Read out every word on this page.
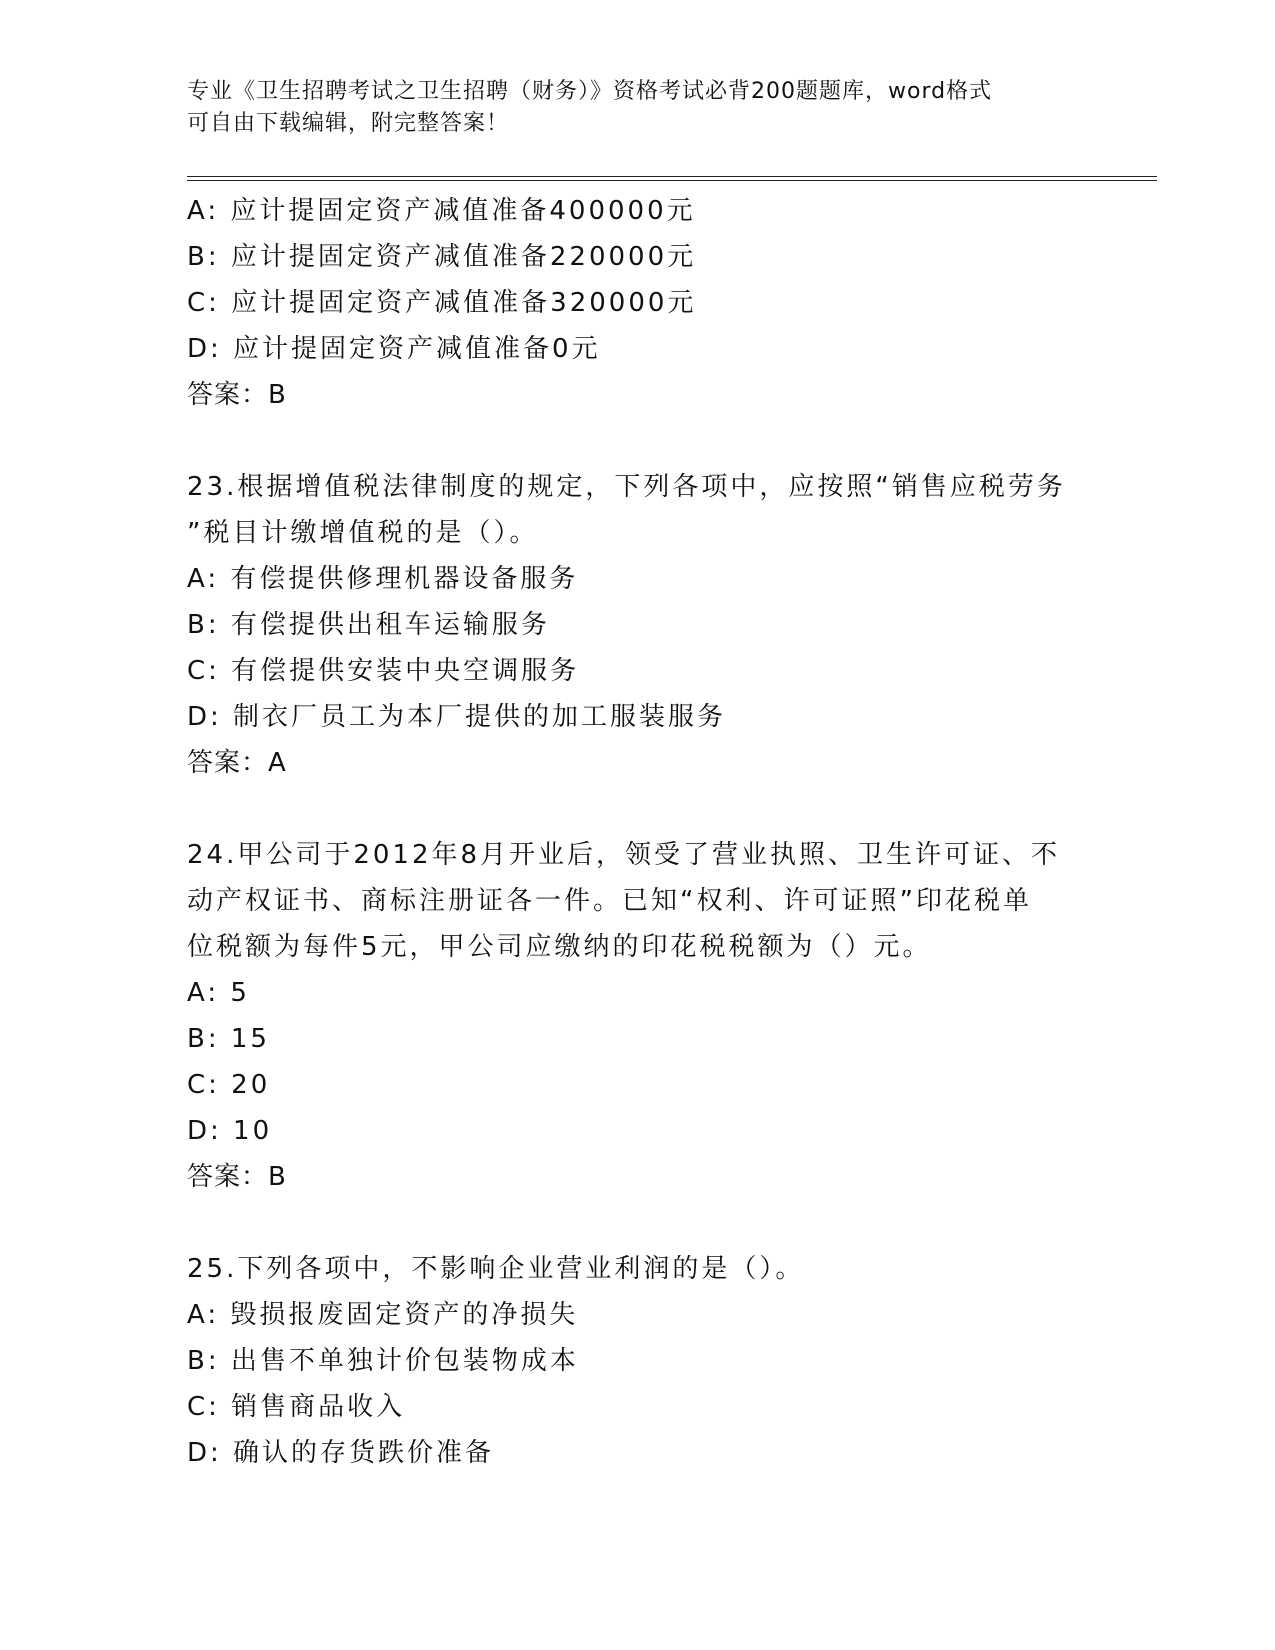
专业《卫生招聘考试之卫生招聘（财务）》资格考试必背200题题库，word格式
可自由下载编辑，附完整答案！
A: 应计提固定资产减值准备400000元
B: 应计提固定资产减值准备220000元
C: 应计提固定资产减值准备320000元
D: 应计提固定资产减值准备0元
答案：B
23.根据增值税法律制度的规定，下列各项中，应按照“销售应税劳务
”税目计缴增值税的是（）。
A: 有偿提供修理机器设备服务
B: 有偿提供出租车运输服务
C: 有偿提供安装中央空调服务
D: 制衣厂员工为本厂提供的加工服装服务
答案：A
24.甲公司于2012年8月开业后，领受了营业执照、卫生许可证、不
动产权证书、商标注册证各一件。已知“权利、许可证照”印花税单
位税额为每件5元，甲公司应缴纳的印花税税额为（）元。
A: 5
B: 15
C: 20
D: 10
答案：B
25.下列各项中，不影响企业营业利润的是（）。
A: 毁损报废固定资产的净损失
B: 出售不单独计价包装物成本
C: 销售商品收入
D: 确认的存货跌价准备
